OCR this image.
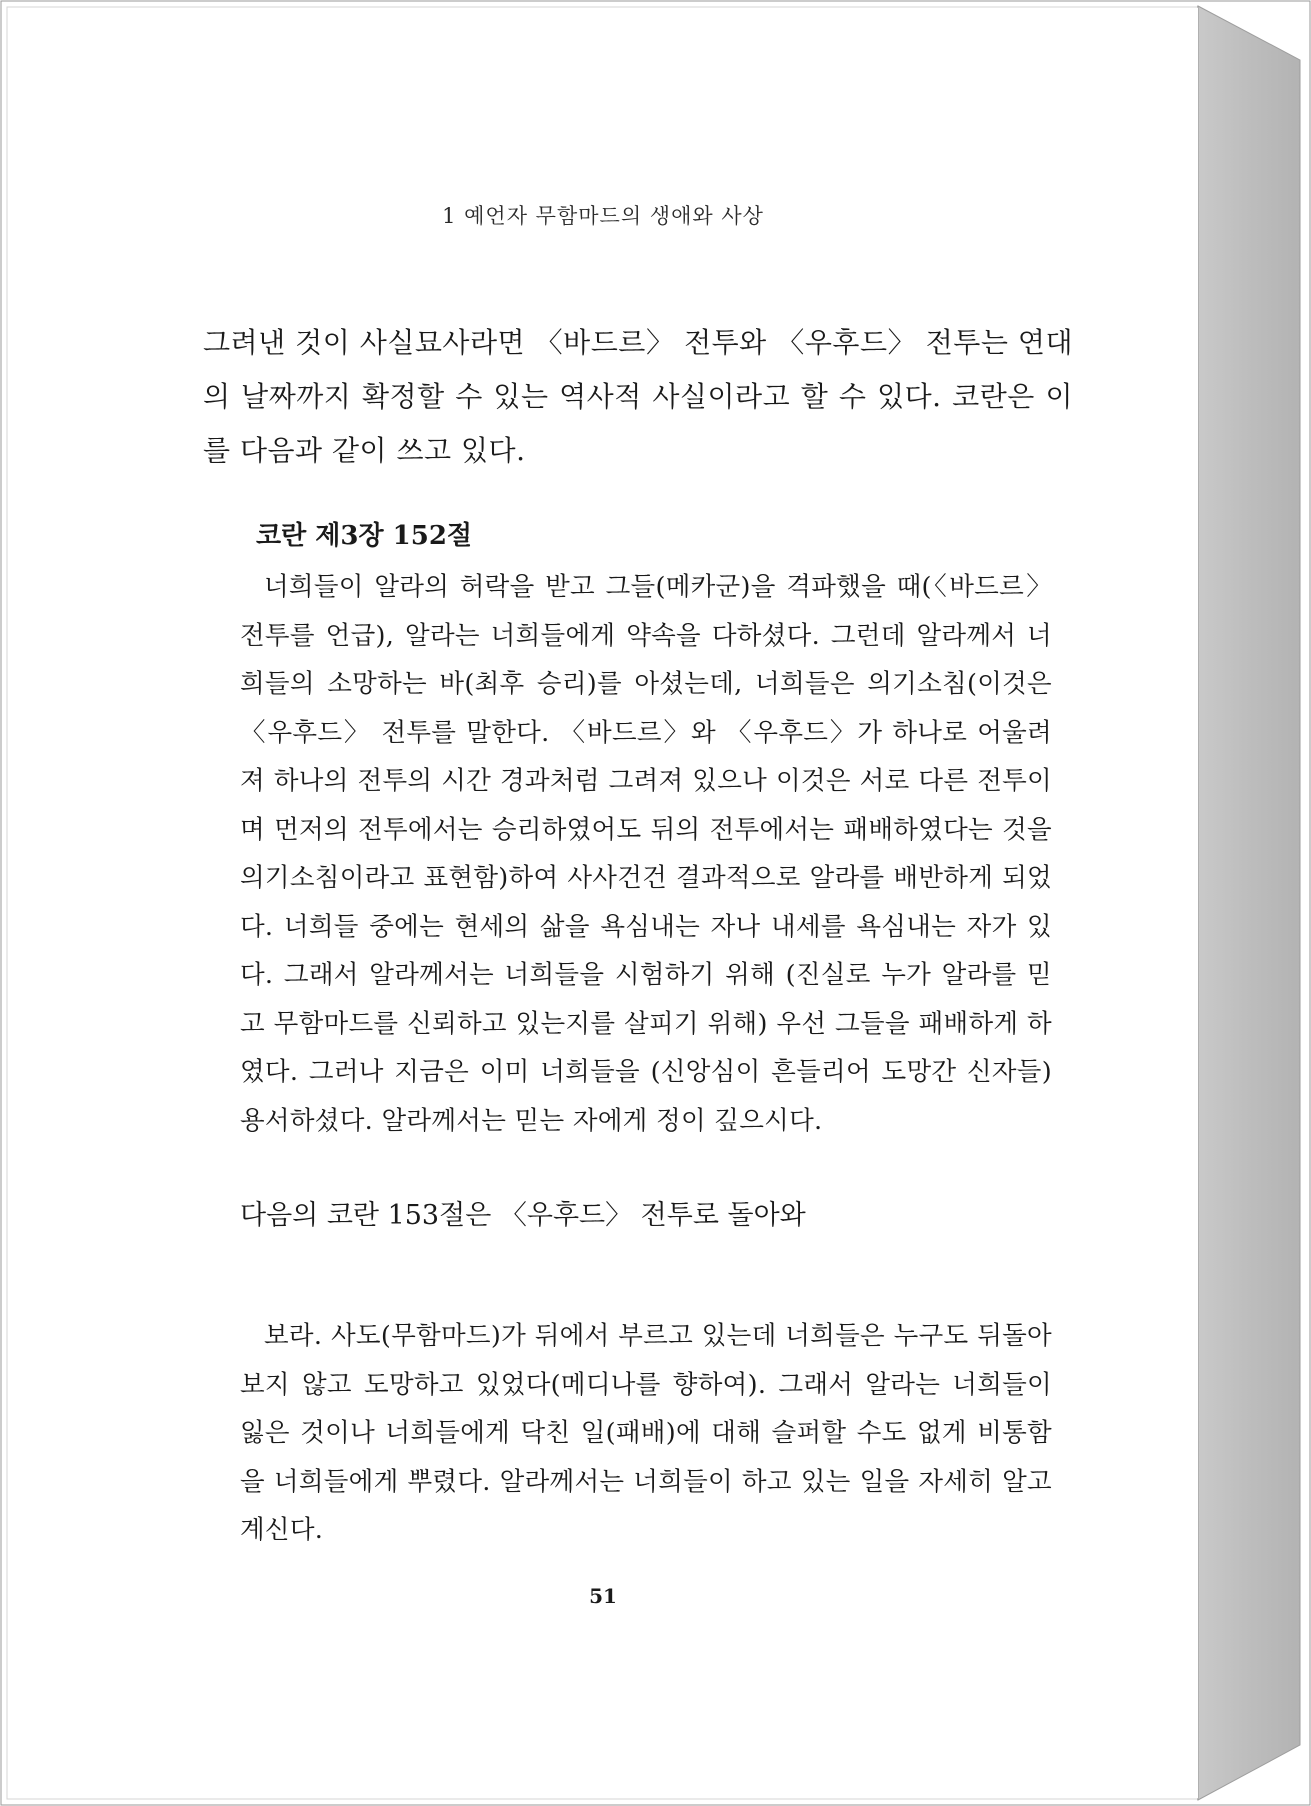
1 예언자 무함마드의 생애와 사상

그려낸 것이 사실묘사라면 〈바드르〉 전투와 〈우후드〉 전투는 연대의 날짜까지 확정할 수 있는 역사적 사실이라고 할 수 있다. 코란은 이를 다음과 같이 쓰고 있다.

코란 제3장 152절

너희들이 알라의 허락을 받고 그들(메카군)을 격파했을 때(〈바드르〉 전투를 언급), 알라는 너희들에게 약속을 다하셨다. 그런데 알라께서 너희들의 소망하는 바(최후 승리)를 아셨는데, 너희들은 의기소침(이것은 〈우후드〉 전투를 말한다. 〈바드르〉와 〈우후드〉가 하나로 어울려져 하나의 전투의 시간 경과처럼 그려져 있으나 이것은 서로 다른 전투이며 먼저의 전투에서는 승리하였어도 뒤의 전투에서는 패배하였다는 것을 의기소침이라고 표현함)하여 사사건건 결과적으로 알라를 배반하게 되었다. 너희들 중에는 현세의 삶을 욕심내는 자나 내세를 욕심내는 자가 있다. 그래서 알라께서는 너희들을 시험하기 위해 (진실로 누가 알라를 믿고 무함마드를 신뢰하고 있는지를 살피기 위해) 우선 그들을 패배하게 하였다. 그러나 지금은 이미 너희들을 (신앙심이 흔들리어 도망간 신자들) 용서하셨다. 알라께서는 믿는 자에게 정이 깊으시다.

다음의 코란 153절은 〈우후드〉 전투로 돌아와

보라. 사도(무함마드)가 뒤에서 부르고 있는데 너희들은 누구도 뒤돌아보지 않고 도망하고 있었다(메디나를 향하여). 그래서 알라는 너희들이 잃은 것이나 너희들에게 닥친 일(패배)에 대해 슬퍼할 수도 없게 비통함을 너희들에게 뿌렸다. 알라께서는 너희들이 하고 있는 일을 자세히 알고 계신다.

51
